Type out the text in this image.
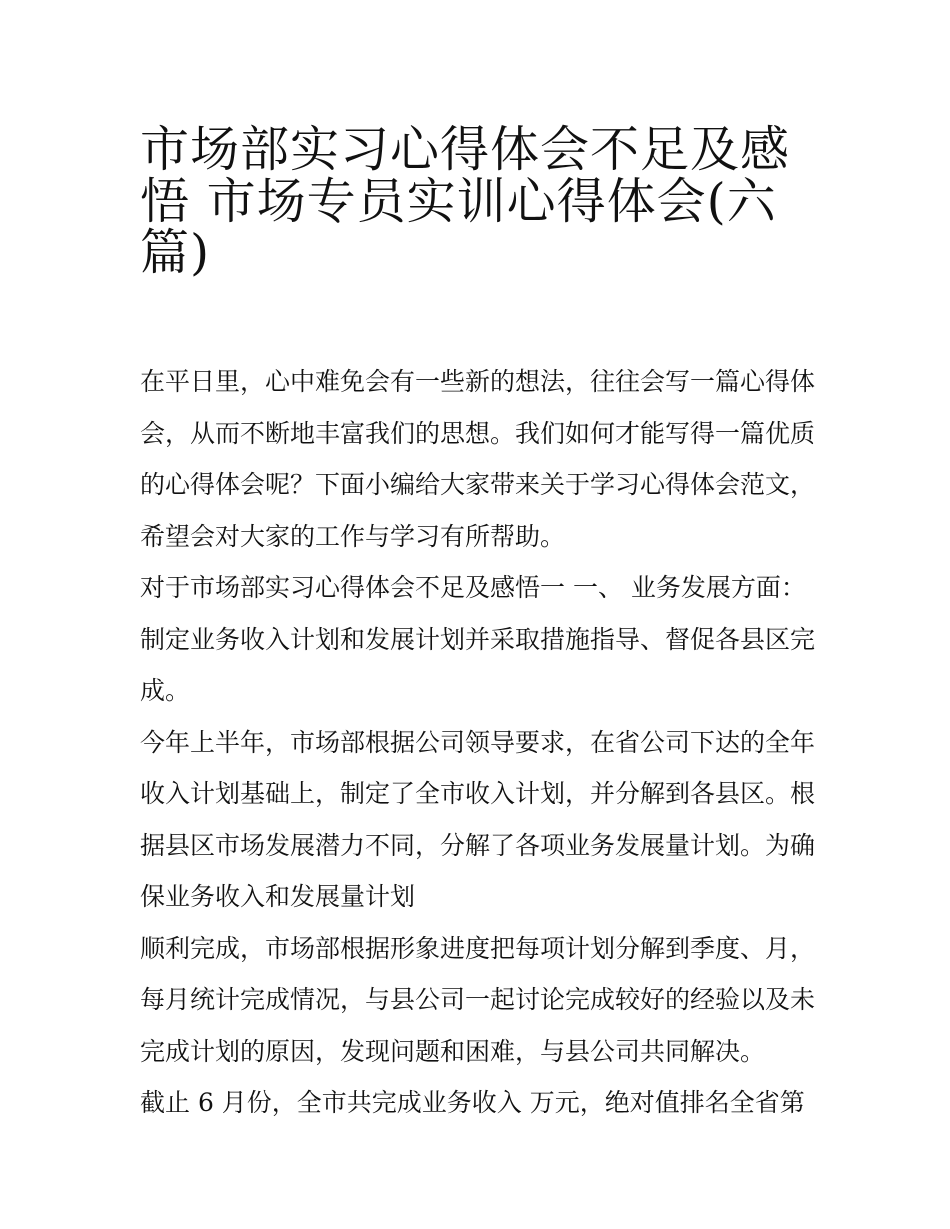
市场部实习心得体会不足及感
悟 市场专员实训心得体会(六
篇)
在平日里，心中难免会有一些新的想法，往往会写一篇心得体
会，从而不断地丰富我们的思想。我们如何才能写得一篇优质
的心得体会呢？下面小编给大家带来关于学习心得体会范文，
希望会对大家的工作与学习有所帮助。
对于市场部实习心得体会不足及感悟一 一、 业务发展方面：
制定业务收入计划和发展计划并采取措施指导、督促各县区完
成。
今年上半年，市场部根据公司领导要求，在省公司下达的全年
收入计划基础上，制定了全市收入计划，并分解到各县区。根
据县区市场发展潜力不同，分解了各项业务发展量计划。为确
保业务收入和发展量计划
顺利完成，市场部根据形象进度把每项计划分解到季度、月，
每月统计完成情况，与县公司一起讨论完成较好的经验以及未
完成计划的原因，发现问题和困难，与县公司共同解决。
截止 6 月份，全市共完成业务收入 万元，绝对值排名全省第
